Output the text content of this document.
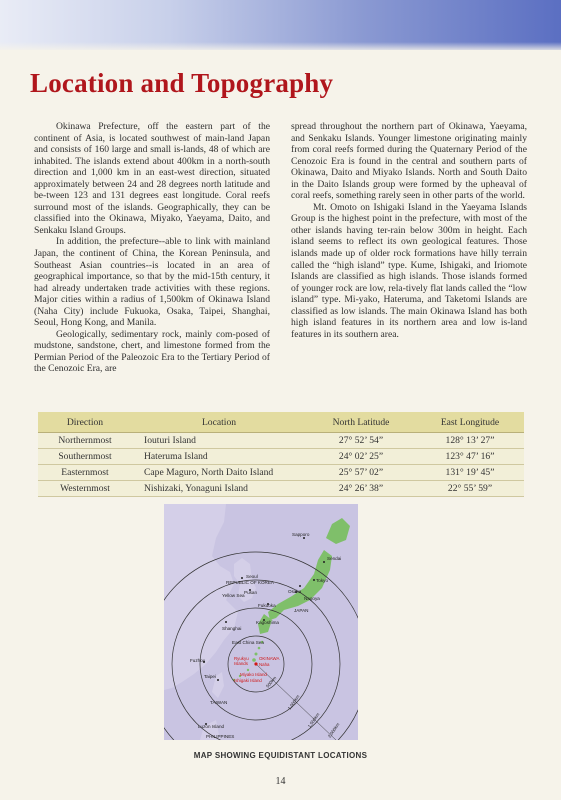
Location and Topography

Okinawa Prefecture, off the eastern part of the continent of Asia, is located southwest of main-land Japan and consists of 160 large and small is-lands, 48 of which are inhabited. The islands extend about 400km in a north-south direction and 1,000 km in an east-west direction, situated approximately between 24 and 28 degrees north latitude and be-tween 123 and 131 degrees east longitude. Coral reefs surround most of the islands. Geographically, they can be classified into the Okinawa, Miyako, Yaeyama, Daito, and Senkaku Island Groups.

In addition, the prefecture--able to link with mainland Japan, the continent of China, the Korean Peninsula, and Southeast Asian countries--is located in an area of geographical importance, so that by the mid-15th century, it had already undertaken trade activities with these regions. Major cities within a radius of 1,500km of Okinawa Island (Naha City) include Fukuoka, Osaka, Taipei, Shanghai, Seoul, Hong Kong, and Manila.

Geologically, sedimentary rock, mainly com-posed of mudstone, sandstone, chert, and limestone formed from the Permian Period of the Paleozoic Era to the Tertiary Period of the Cenozoic Era, are

spread throughout the northern part of Okinawa, Yaeyama, and Senkaku Islands. Younger limestone originating mainly from coral reefs formed during the Quaternary Period of the Cenozoic Era is found in the central and southern parts of Okinawa, Daito and Miyako Islands. North and South Daito in the Daito Islands group were formed by the upheaval of coral reefs, something rarely seen in other parts of the world.

Mt. Omoto on Ishigaki Island in the Yaeyama Islands Group is the highest point in the prefecture, with most of the other islands having ter-rain below 300m in height. Each island seems to reflect its own geological features. Those islands made up of older rock formations have hilly terrain called the “high island” type. Kume, Ishigaki, and Iriomote Islands are classified as high islands. Those islands formed of younger rock are low, rela-tively flat lands called the “low island” type. Mi-yako, Hateruma, and Taketomi Islands are classified as low islands. The main Okinawa Island has both high island features in its northern area and low is-land features in its southern area.

Direction	Location	North Latitude	East Longitude
Northernmost	Iouturi Island	27° 52’ 54”	128° 13’ 27”
Southernmost	Hateruma Island	24° 02’ 25”	123° 47’ 16”
Easternmost	Cape Maguro, North Daito Island	25° 57’ 02”	131° 19’ 45”
Westernmost	Nishizaki, Yonaguni Island	24° 26’ 38”	22° 55’ 59”
Sapporo
Sendai
Tokyo
Osaka
Nagoya
JAPAN
Seoul
REPUBLIC OF KOREA
Pusan
Yellow Sea
Fukuoka
Kagoshima
Shanghai
East China Sea
Fuzhou
Taipei
TAIWAN
Ryukyu
Islands
OKINAWA
Naha
Miyako Island
Ishigaki Island
Luzon Island
PHILIPPINES
500km
1,000km
1,500km
2,000km
MAP SHOWING EQUIDISTANT LOCATIONS
14
